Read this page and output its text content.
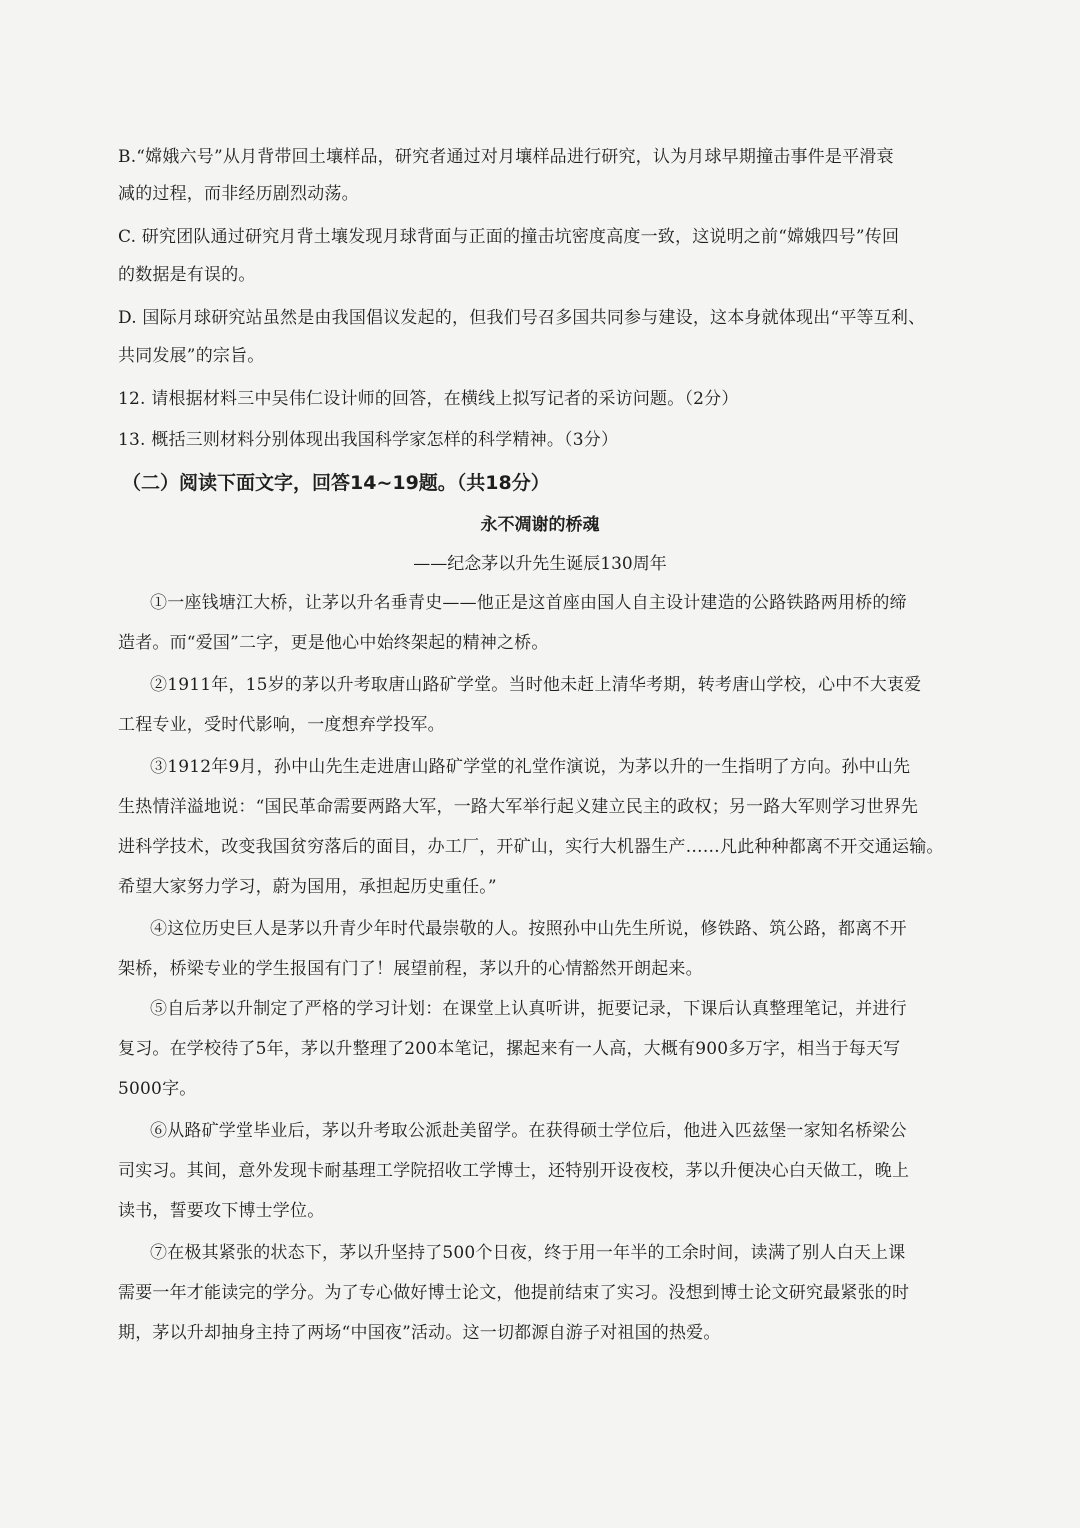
B.“嫦娥六号”从月背带回土壤样品，研究者通过对月壤样品进行研究，认为月球早期撞击事件是平滑衰
减的过程，而非经历剧烈动荡。
C. 研究团队通过研究月背土壤发现月球背面与正面的撞击坑密度高度一致，这说明之前“嫦娥四号”传回
的数据是有误的。
D. 国际月球研究站虽然是由我国倡议发起的，但我们号召多国共同参与建设，这本身就体现出“平等互利、
共同发展”的宗旨。
12. 请根据材料三中吴伟仁设计师的回答，在横线上拟写记者的采访问题。（2分）
13. 概括三则材料分别体现出我国科学家怎样的科学精神。（3分）
（二）阅读下面文字，回答14~19题。（共18分）
永不凋谢的桥魂
——纪念茅以升先生诞辰130周年
①一座钱塘江大桥，让茅以升名垂青史——他正是这首座由国人自主设计建造的公路铁路两用桥的缔
造者。而“爱国”二字，更是他心中始终架起的精神之桥。
②1911年，15岁的茅以升考取唐山路矿学堂。当时他未赶上清华考期，转考唐山学校，心中不大衷爱
工程专业，受时代影响，一度想弃学投军。
③1912年9月，孙中山先生走进唐山路矿学堂的礼堂作演说，为茅以升的一生指明了方向。孙中山先
生热情洋溢地说：“国民革命需要两路大军，一路大军举行起义建立民主的政权；另一路大军则学习世界先
进科学技术，改变我国贫穷落后的面目，办工厂，开矿山，实行大机器生产……凡此种种都离不开交通运输。
希望大家努力学习，蔚为国用，承担起历史重任。”
④这位历史巨人是茅以升青少年时代最崇敬的人。按照孙中山先生所说，修铁路、筑公路，都离不开
架桥，桥梁专业的学生报国有门了！展望前程，茅以升的心情豁然开朗起来。
⑤自后茅以升制定了严格的学习计划：在课堂上认真听讲，扼要记录，下课后认真整理笔记，并进行
复习。在学校待了5年，茅以升整理了200本笔记，摞起来有一人高，大概有900多万字，相当于每天写
5000字。
⑥从路矿学堂毕业后，茅以升考取公派赴美留学。在获得硕士学位后，他进入匹兹堡一家知名桥梁公
司实习。其间，意外发现卡耐基理工学院招收工学博士，还特别开设夜校，茅以升便决心白天做工，晚上
读书，誓要攻下博士学位。
⑦在极其紧张的状态下，茅以升坚持了500个日夜，终于用一年半的工余时间，读满了别人白天上课
需要一年才能读完的学分。为了专心做好博士论文，他提前结束了实习。没想到博士论文研究最紧张的时
期，茅以升却抽身主持了两场“中国夜”活动。这一切都源自游子对祖国的热爱。
